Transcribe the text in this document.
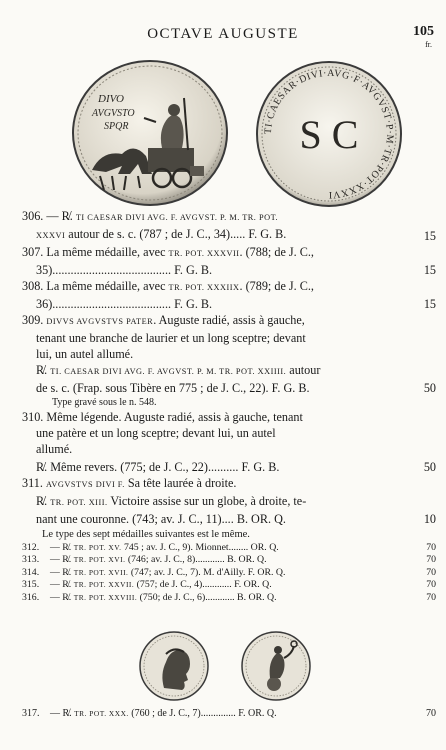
OCTAVE AUGUSTE	105
fr.
DIVO
AVGVSTO
SPQR	TI·CAESAR·DIVI·AVG·F·AVGVST·P·M·TR·POT·XXXVI
S C
306. — R̸. TI CAESAR DIVI AVG. F. AVGVST. P. M. TR. POT.
XXXVI autour de s. c. (787 ; de J. C., 34)..... F. G. B.	15
307. La même médaille, avec TR. POT. XXXVII. (788; de J. C.,
35)....................................... F. G. B.	15
308. La même médaille, avec TR. POT. XXXIIX. (789; de J. C.,
36)....................................... F. G. B.	15
309. DIVVS AVGVSTVS PATER. Auguste radié, assis à gauche,
tenant une branche de laurier et un long sceptre; devant
lui, un autel allumé.
R̸. TI. CAESAR DIVI AVG. F. AVGVST. P. M. TR. POT. XXIIII. autour
de s. c. (Frap. sous Tibère en 775 ; de J. C., 22). F. G. B.	50
Type gravé sous le n. 548.
310. Même légende. Auguste radié, assis à gauche, tenant
une patère et un long sceptre; devant lui, un autel
allumé.
R̸. Même revers. (775; de J. C., 22).......... F. G. B.	50
311. AVGVSTVS DIVI F. Sa tête laurée à droite.
R̸. TR. POT. XIII. Victoire assise sur un globe, à droite, te-
nant une couronne. (743; av. J. C., 11).... B. OR. Q.	10
Le type des sept médailles suivantes est le même.
312. — R̸. TR. POT. XV. 745 ; av. J. C., 9). Mionnet........ OR. Q.	70
313. — R̸. TR. POT. XVI. (746; av. J. C., 8)............ B. OR. Q.	70
314. — R̸. TR. POT. XVII. (747; av. J. C., 7). M. d'Ailly. F. OR. Q.	70
315. — R̸. TR. POT. XXVII. (757; de J. C., 4)............ F. OR. Q.	70
316. — R̸. TR. POT. XXVIII. (750; de J. C., 6)............ B. OR. Q.	70
317. — R̸. TR. POT. XXX. (760 ; de J. C., 7).............. F. OR. Q.	70
